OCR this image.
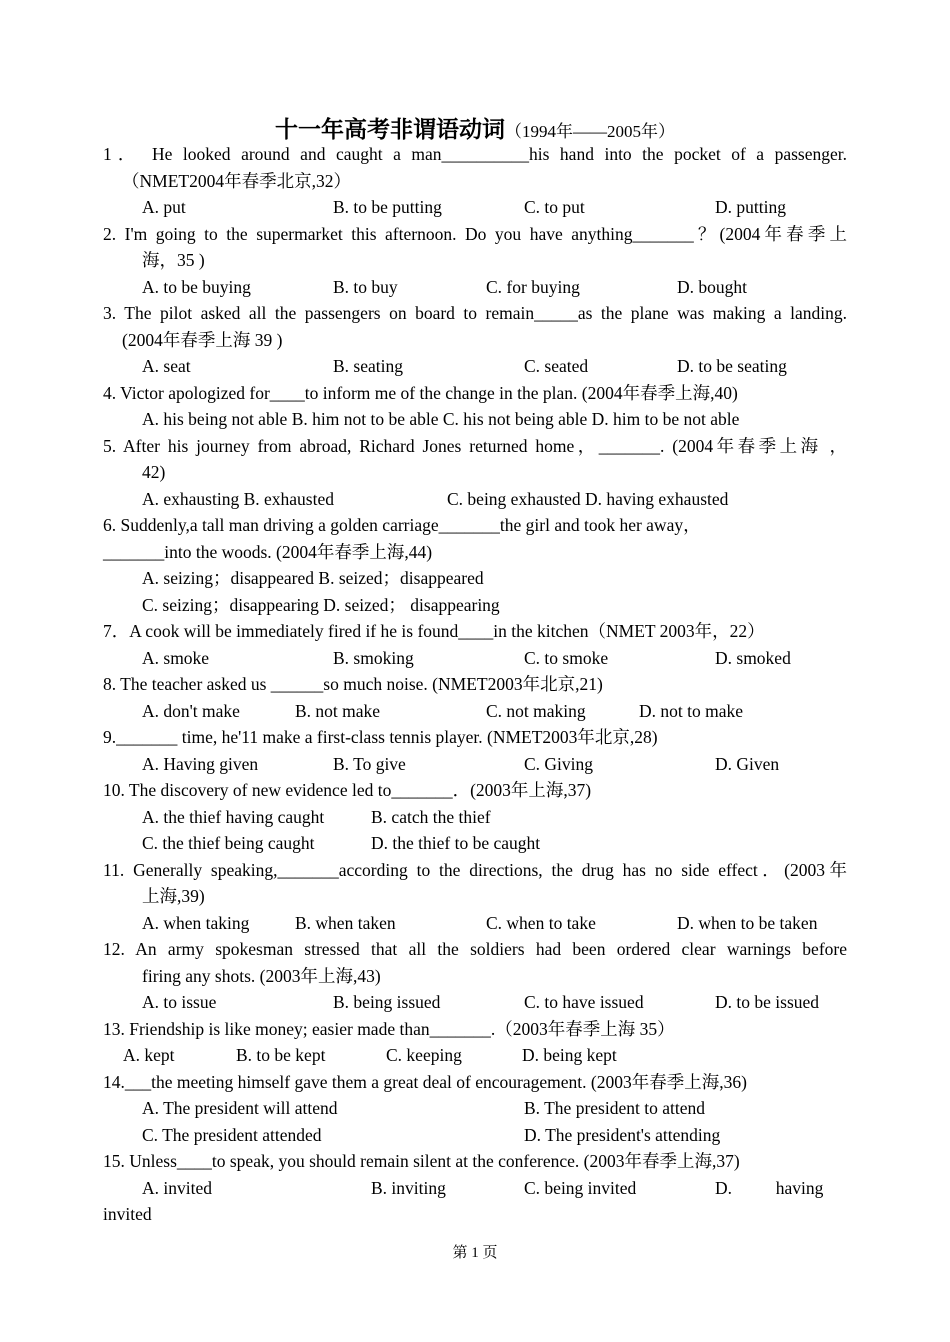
十一年高考非谓语动词（1994年——2005年）
1． He looked around and caught a man__________his hand into the pocket of a passenger.
（NMET2004年春季北京,32）
A. put	B. to be putting	C. to put	D. putting
2. I'm going to the supermarket this afternoon. Do you have anything_______？(2004年春季上
海，35 )
A. to be buying	B. to buy	C. for buying	D. bought
3. The pilot asked all the passengers on board to remain_____as the plane was making a landing.
(2004年春季上海 39 )
A. seat	B. seating	C. seated	D. to be seating
4. Victor apologized for____to inform me of the change in the plan. (2004年春季上海,40)
A. his being not able B. him not to be able C. his not being able D. him to be not able
5. After his journey from abroad, Richard Jones returned home，_______. (2004年春季上海 ，
42)
A. exhausting B. exhausted	C. being exhausted D. having exhausted
6. Suddenly,a tall man driving a golden carriage_______the girl and took her away，
_______into the woods. (2004年春季上海,44)
A. seizing；disappeared B. seized；disappeared
C. seizing；disappearing D. seized； disappearing
7．A cook will be immediately fired if he is found____in the kitchen（NMET 2003年，22）
A. smoke	B. smoking	C. to smoke	D. smoked
8. The teacher asked us ______so much noise. (NMET2003年北京,21)
A. don't make	B. not make	C. not making	D. not to make
9._______ time, he'11 make a first-class tennis player. (NMET2003年北京,28)
A. Having given	B. To give	C. Giving	D. Given
10. The discovery of new evidence led to_______．(2003年上海,37)
A. the thief having caught	B. catch the thief
C. the thief being caught	D. the thief to be caught
11. Generally speaking,_______according to the directions, the drug has no side effect．(2003年
上海,39)
A. when taking	B. when taken	C. when to take	D. when to be taken
12. An army spokesman stressed that all the soldiers had been ordered clear warnings before
firing any shots. (2003年上海,43)
A. to issue	B. being issued	C. to have issued	D. to be issued
13. Friendship is like money; easier made than_______.（2003年春季上海 35）
A. kept	B. to be kept	C. keeping	D. being kept
14.___the meeting himself gave them a great deal of encouragement. (2003年春季上海,36)
A. The president will attend	B. The president to attend
C. The president attended	D. The president's attending
15. Unless____to speak, you should remain silent at the conference. (2003年春季上海,37)
A. invited	B. inviting	C. being invited	D.          having
invited
第 1 页
